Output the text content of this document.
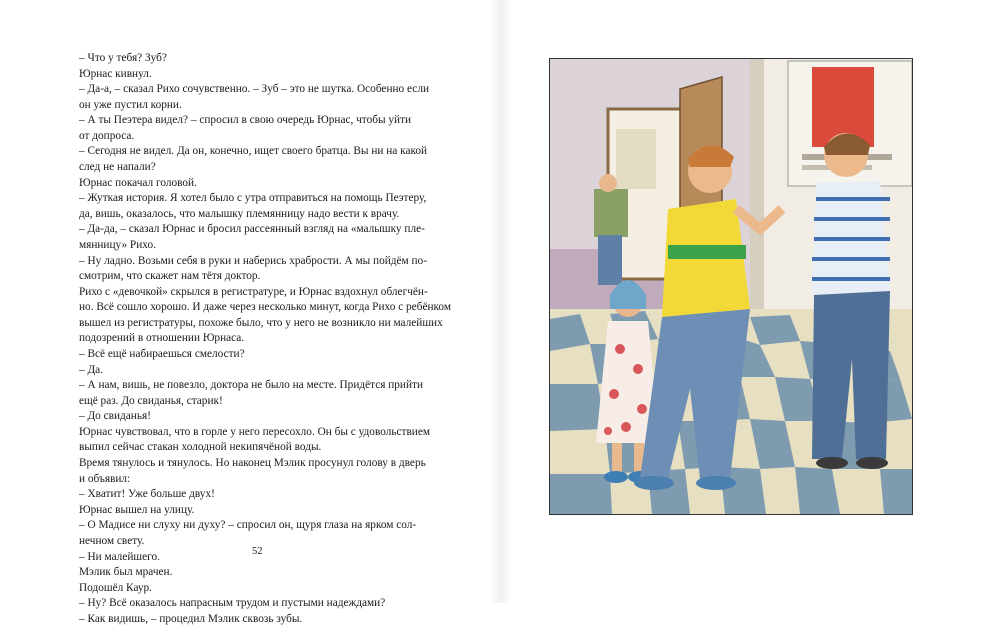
– Что у тебя? Зуб?
Юрнас кивнул.
– Да-а, – сказал Рихо сочувственно. – Зуб – это не шутка. Особенно если
он уже пустил корни.
– А ты Пеэтера видел? – спросил в свою очередь Юрнас, чтобы уйти
от допроса.
– Сегодня не видел. Да он, конечно, ищет своего братца. Вы ни на какой
след не напали?
Юрнас покачал головой.
– Жуткая история. Я хотел было с утра отправиться на помощь Пеэтеру,
да, вишь, оказалось, что малышку племянницу надо вести к врачу.
– Да-да, – сказал Юрнас и бросил рассеянный взгляд на «малышку пле-
мянницу» Рихо.
– Ну ладно. Возьми себя в руки и наберись храбрости. А мы пойдём по-
смотрим, что скажет нам тётя доктор.
Рихо с «девочкой» скрылся в регистратуре, и Юрнас вздохнул облегчён-
но. Всё сошло хорошо. И даже через несколько минут, когда Рихо с ребёнком
вышел из регистратуры, похоже было, что у него не возникло ни малейших
подозрений в отношении Юрнаса.
– Всё ещё набираешься смелости?
– Да.
– А нам, вишь, не повезло, доктора не было на месте. Придётся прийти
ещё раз. До свиданья, старик!
– До свиданья!
Юрнас чувствовал, что в горле у него пересохло. Он бы с удовольствием
выпил сейчас стакан холодной некипячёной воды.
Время тянулось и тянулось. Но наконец Мэлик просунул голову в дверь
и объявил:
– Хватит! Уже больше двух!
Юрнас вышел на улицу.
– О Мадисе ни слуху ни духу? – спросил он, щуря глаза на ярком сол-
нечном свету.
– Ни малейшего.
Мэлик был мрачен.
Подошёл Каур.
– Ну? Всё оказалось напрасным трудом и пустыми надеждами?
– Как видишь, – процедил Мэлик сквозь зубы.
52
